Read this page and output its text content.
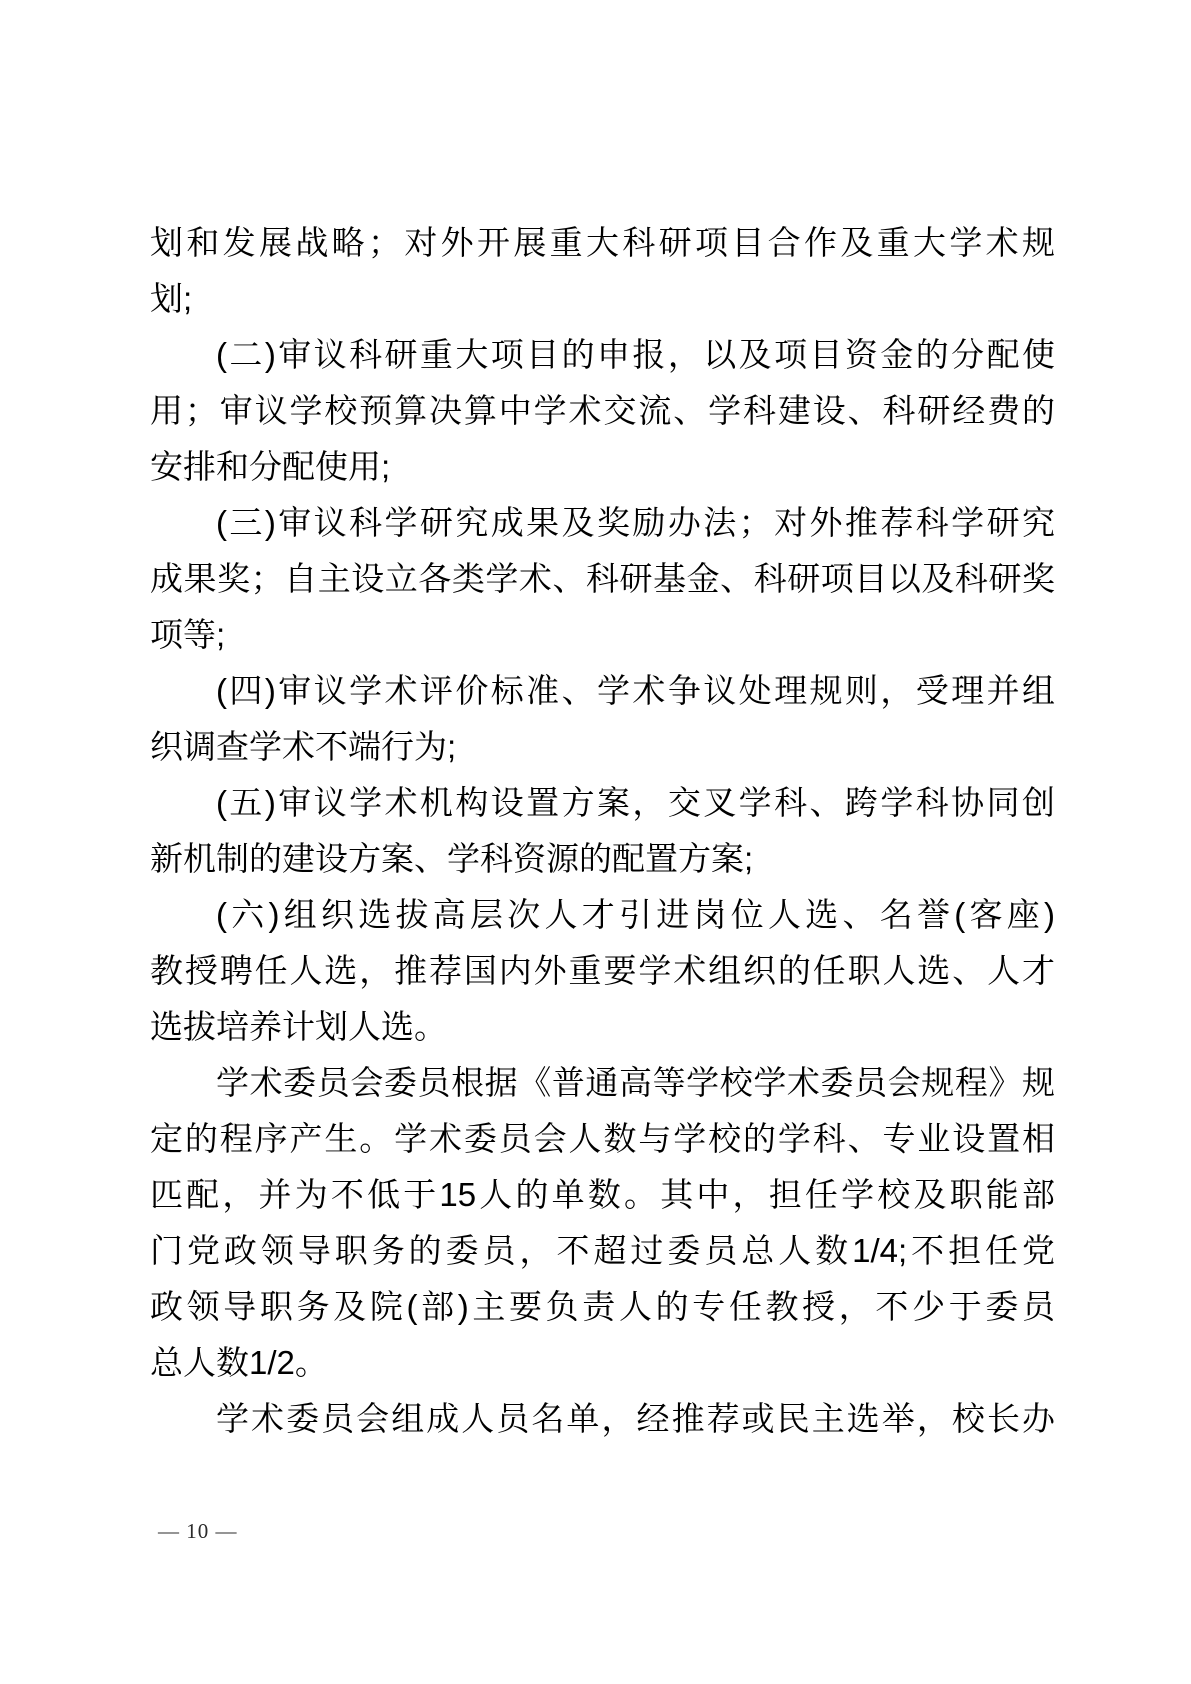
划和发展战略；对外开展重大科研项目合作及重大学术规
划;
(二)审议科研重大项目的申报，以及项目资金的分配使
用；审议学校预算决算中学术交流、学科建设、科研经费的
安排和分配使用;
(三)审议科学研究成果及奖励办法；对外推荐科学研究
成果奖；自主设立各类学术、科研基金、科研项目以及科研奖
项等;
(四)审议学术评价标准、学术争议处理规则，受理并组
织调查学术不端行为;
(五)审议学术机构设置方案，交叉学科、跨学科协同创
新机制的建设方案、学科资源的配置方案;
(六)组织选拔高层次人才引进岗位人选、名誉(客座)
教授聘任人选，推荐国内外重要学术组织的任职人选、人才
选拔培养计划人选。
学术委员会委员根据《普通高等学校学术委员会规程》规
定的程序产生。学术委员会人数与学校的学科、专业设置相
匹配，并为不低于15人的单数。其中，担任学校及职能部
门党政领导职务的委员，不超过委员总人数1/4;不担任党
政领导职务及院(部)主要负责人的专任教授，不少于委员
总人数1/2。
学术委员会组成人员名单，经推荐或民主选举，校长办
— 10 —
